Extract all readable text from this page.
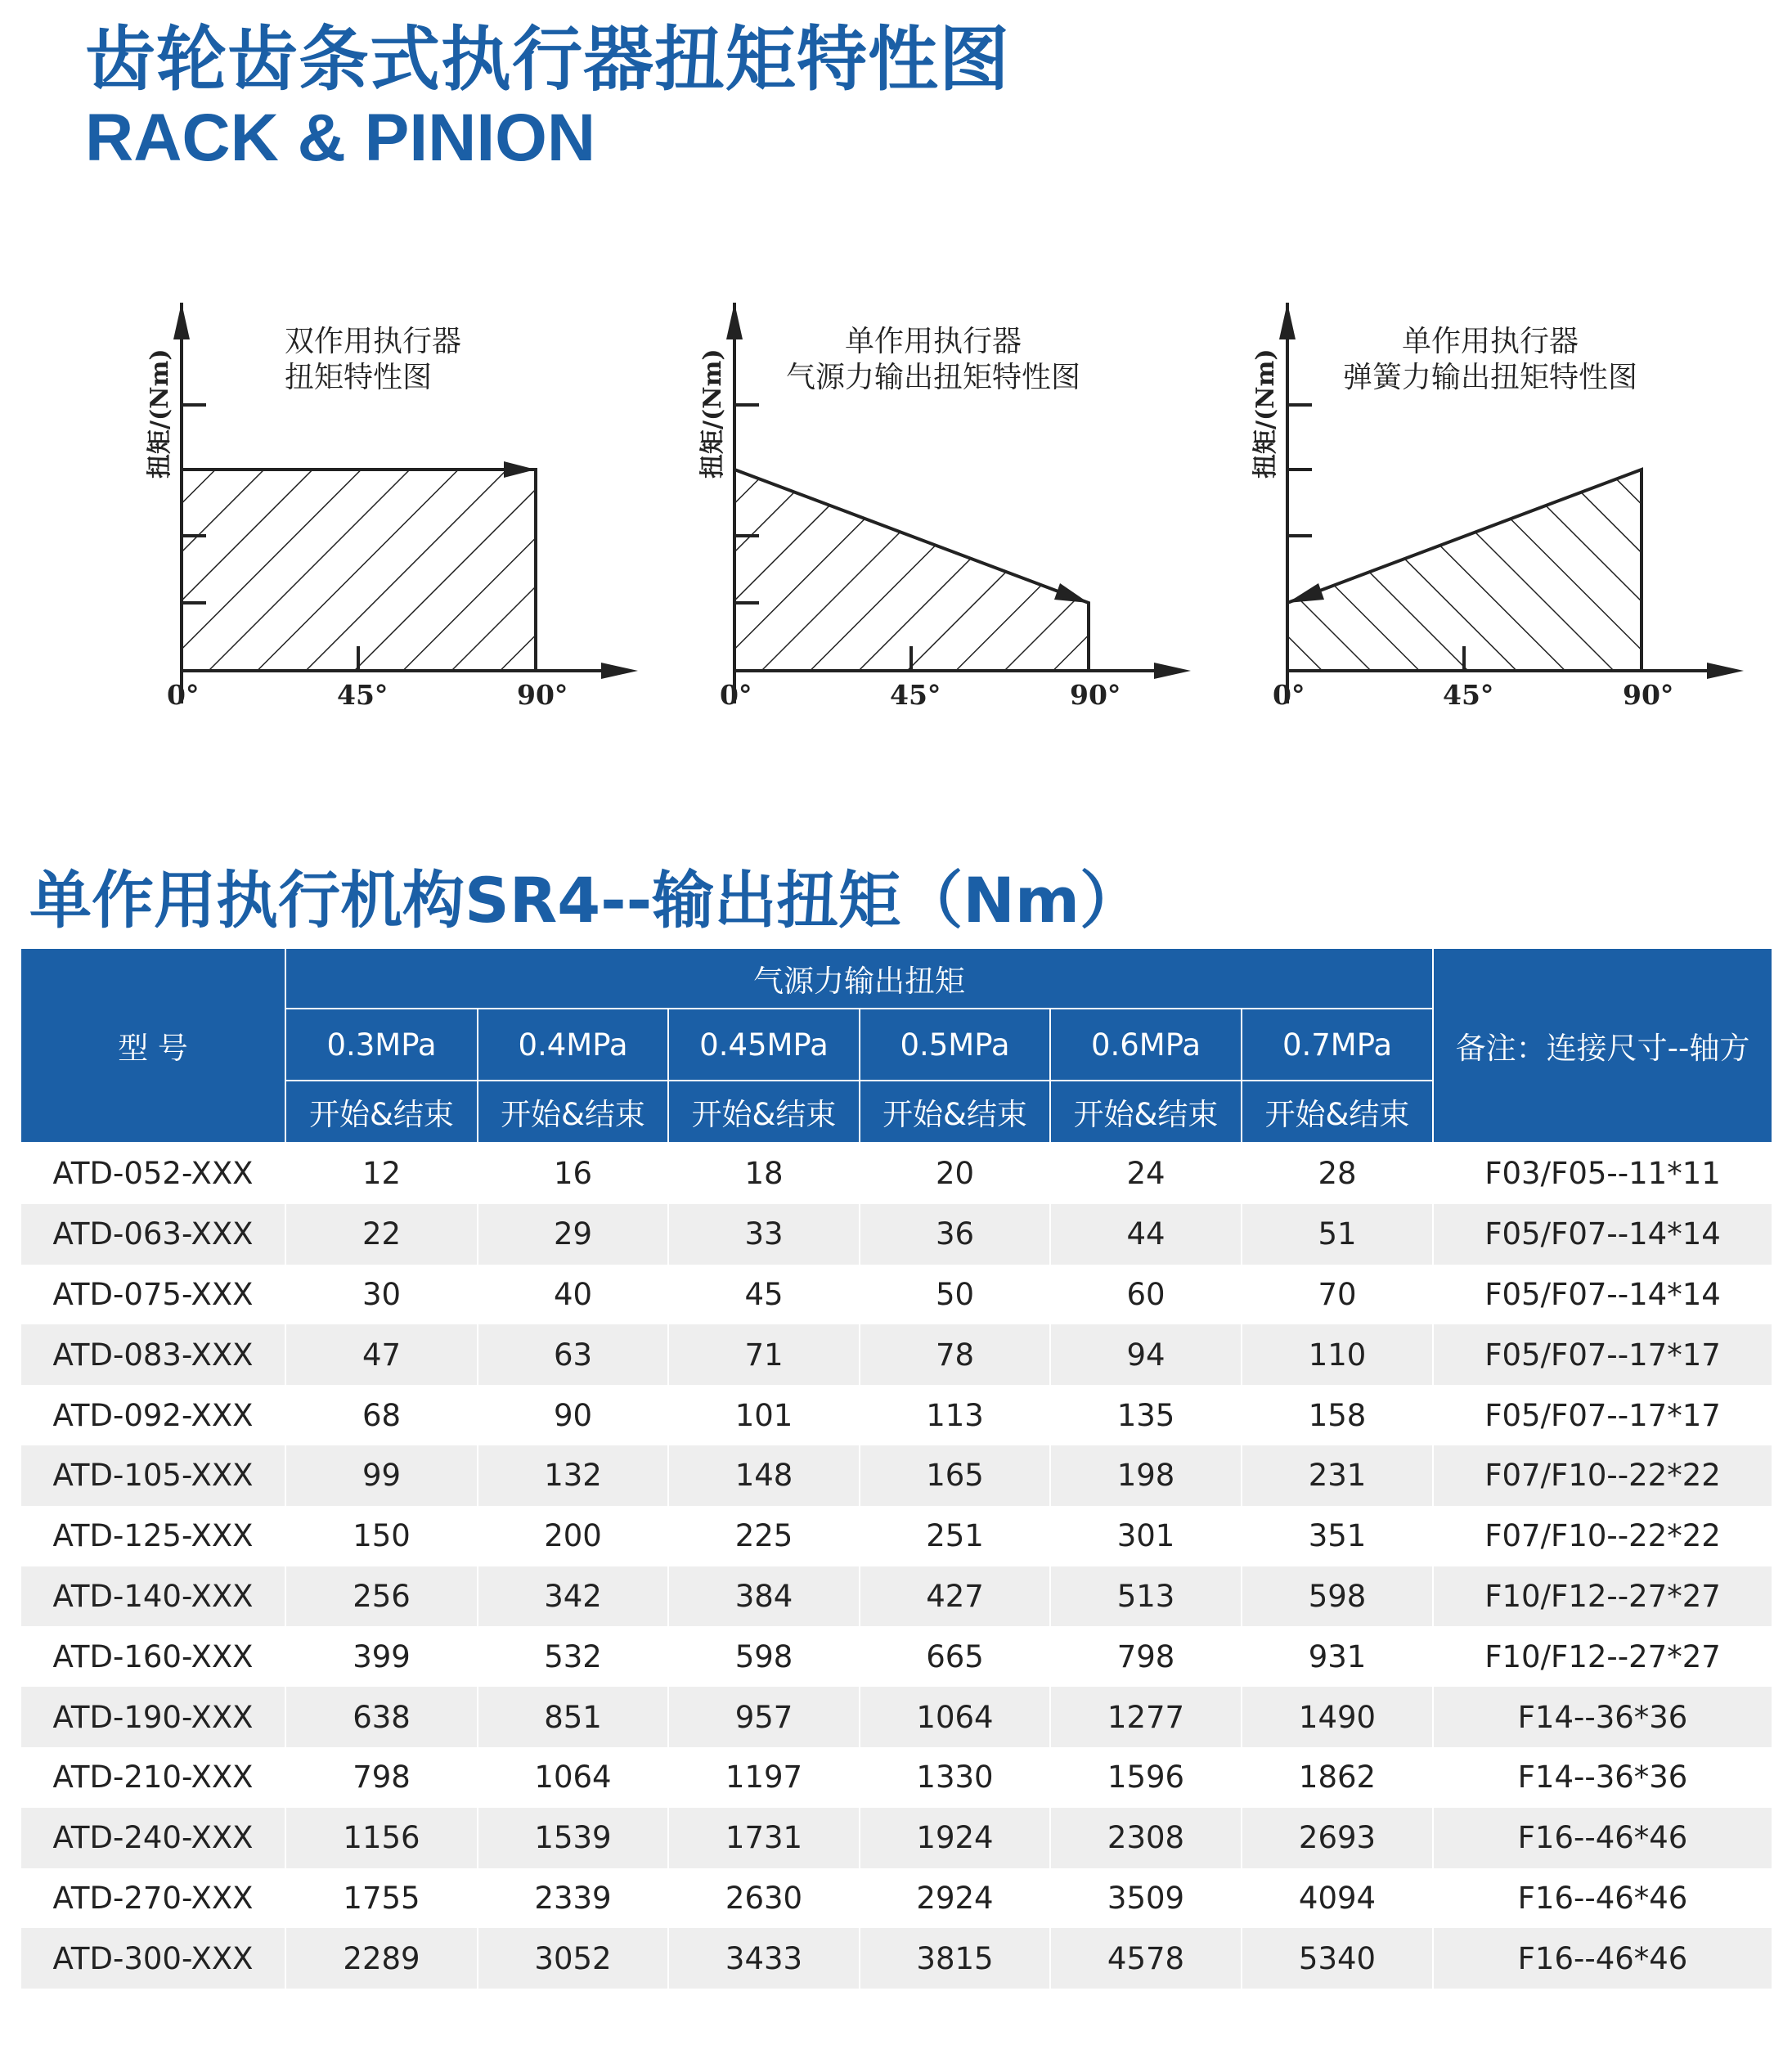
齿轮齿条式执行器扭矩特性图
RACK & PINION
扭矩/(Nm)
双作用执行器
扭矩特性图
0°	45°	90°
扭矩/(Nm)
单作用执行器
气源力输出扭矩特性图
0°	45°	90°
扭矩/(Nm)
单作用执行器
弹簧力输出扭矩特性图
0°	45°	90°
单作用执行机构SR4--输出扭矩（Nm）
型 号	气源力输出扭矩						备注：连接尺寸--轴方
	0.3MPa	0.4MPa	0.45MPa	0.5MPa	0.6MPa	0.7MPa	
	开始&结束	开始&结束	开始&结束	开始&结束	开始&结束	开始&结束	
ATD-052-XXX	12	16	18	20	24	28	F03/F05--11*11
ATD-063-XXX	22	29	33	36	44	51	F05/F07--14*14
ATD-075-XXX	30	40	45	50	60	70	F05/F07--14*14
ATD-083-XXX	47	63	71	78	94	110	F05/F07--17*17
ATD-092-XXX	68	90	101	113	135	158	F05/F07--17*17
ATD-105-XXX	99	132	148	165	198	231	F07/F10--22*22
ATD-125-XXX	150	200	225	251	301	351	F07/F10--22*22
ATD-140-XXX	256	342	384	427	513	598	F10/F12--27*27
ATD-160-XXX	399	532	598	665	798	931	F10/F12--27*27
ATD-190-XXX	638	851	957	1064	1277	1490	F14--36*36
ATD-210-XXX	798	1064	1197	1330	1596	1862	F14--36*36
ATD-240-XXX	1156	1539	1731	1924	2308	2693	F16--46*46
ATD-270-XXX	1755	2339	2630	2924	3509	4094	F16--46*46
ATD-300-XXX	2289	3052	3433	3815	4578	5340	F16--46*46
